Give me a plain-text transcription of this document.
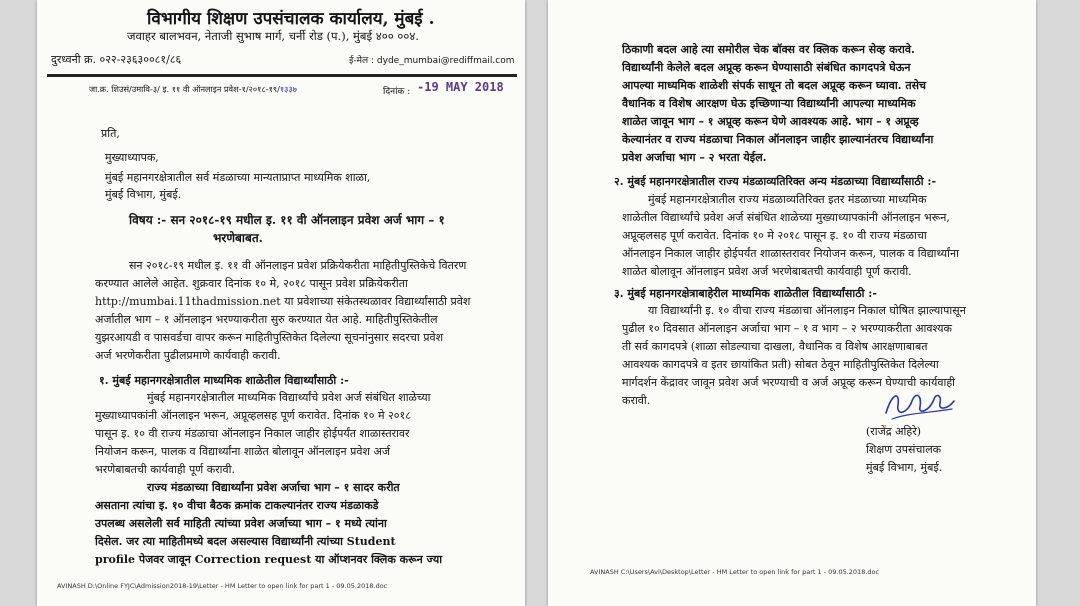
विभागीय शिक्षण उपसंचालक कार्यालय, मुंबई .
जवाहर बालभवन, नेताजी सुभाष मार्ग, चर्नी रोड (प.), मुंबई ४०० ००४.
दुरध्वनी क्र. ०२२-२३६३००८१/८६	ई-मेल : dyde_mumbai@rediffmail.com
जा.क्र. शिउसं/उमावि-३/ इ. ११ वी ऑनलाइन प्रवेश-१/२०१८-१९/१३३७	दिनांक : -19 MAY 2018
प्रति,
मुख्याध्यापक,
मुंबई महानगरक्षेत्रातील सर्व मंडळाच्या मान्यताप्राप्त माध्यमिक शाळा,
मुंबई विभाग, मुंबई.
विषय :- सन २०१८-१९ मधील इ. ११ वी ऑनलाइन प्रवेश अर्ज भाग – १
भरणेबाबत.
सन २०१८-१९ मधील इ. ११ वी ऑनलाइन प्रवेश प्रक्रियेकरीता माहितीपुस्तिकेचे वितरण
करण्यात आलेले आहेत. शुक्रवार दिनांक १० मे, २०१८ पासून प्रवेश प्रक्रियेकरीता
http://mumbai.11thadmission.net या प्रवेशाच्या संकेतस्थळावर विद्यार्थ्यांसाठी प्रवेश
अर्जातील भाग – १ ऑनलाइन भरण्याकरीता सुरु करण्यात येत आहे. माहितीपुस्तिकेतील
युझरआयडी व पासवर्डचा वापर करून माहितीपुस्तिकेत दिलेल्या सूचनांनुसार सदरचा प्रवेश
अर्ज भरणेकरीता पुढीलप्रमाणे कार्यवाही करावी.
१. मुंबई महानगरक्षेत्रातील माध्यमिक शाळेतील विद्यार्थ्यांसाठी :-
मुंबई महानगरक्षेत्रातील माध्यमिक विद्यार्थ्यांचे प्रवेश अर्ज संबंधित शाळेच्या
मुख्याध्यापकांनी ऑनलाइन भरून, अप्रूव्हलसह पूर्ण करावेत. दिनांक १० मे २०१८
पासून इ. १० वी राज्य मंडळाचा ऑनलाइन निकाल जाहीर होईपर्यंत शाळास्तरावर
नियोजन करून, पालक व विद्यार्थ्यांना शाळेत बोलावून ऑनलाइन प्रवेश अर्ज
भरणेबाबतची कार्यवाही पूर्ण करावी.
राज्य मंडळाच्या विद्यार्थ्यांना प्रवेश अर्जाचा भाग – १ सादर करीत
असताना त्यांचा इ. १० वीचा बैठक क्रमांक टाकल्यानंतर राज्य मंडळाकडे
उपलब्ध असलेली सर्व माहिती त्यांच्या प्रवेश अर्जाच्या भाग – १ मध्ये त्यांना
दिसेल. जर त्या माहितीमध्ये बदल असल्यास विद्यार्थ्यांनी त्यांच्या Student
profile पेजवर जावून Correction request या ऑप्शनवर क्लिक करून ज्या
AVINASH D:\Online FYJC\Admission2018-19\Letter - HM Letter to open link for part 1 - 09.05.2018.doc
ठिकाणी बदल आहे त्या समोरील चेक बॉक्स वर क्लिक करून सेव्ह करावे.
विद्यार्थ्यांनी केलेले बदल अप्रूव्ह करून घेण्यासाठी संबंधित कागदपत्रे घेऊन
आपल्या माध्यमिक शाळेशी संपर्क साधून तो बदल अप्रूव्ह करून घ्यावा. तसेच
वैधानिक व विशेष आरक्षण घेऊ इच्छिणाऱ्या विद्यार्थ्यांनी आपल्या माध्यमिक
शाळेत जावून भाग – १ अप्रूव्ह करून घेणे आवश्यक आहे. भाग – १ अप्रूव्ह
केल्यानंतर व राज्य मंडळाचा निकाल ऑनलाइन जाहीर झाल्यानंतरच विद्यार्थ्यांना
प्रवेश अर्जाचा भाग – २ भरता येईल.
२. मुंबई महानगरक्षेत्रातील राज्य मंडळाव्यतिरिक्त अन्य मंडळाच्या विद्यार्थ्यांसाठी :-
मुंबई महानगरक्षेत्रातील राज्य मंडळाव्यतिरिक्त इतर मंडळाच्या माध्यमिक
शाळेतील विद्यार्थ्यांचे प्रवेश अर्ज संबंधित शाळेच्या मुख्याध्यापकांनी ऑनलाइन भरून,
अप्रूव्हलसह पूर्ण करावेत. दिनांक १० मे २०१८ पासून इ. १० वी राज्य मंडळाचा
ऑनलाइन निकाल जाहीर होईपर्यंत शाळास्तरावर नियोजन करून, पालक व विद्यार्थ्यांना
शाळेत बोलावून ऑनलाइन प्रवेश अर्ज भरणेबाबतची कार्यवाही पूर्ण करावी.
३. मुंबई महानगरक्षेत्राबाहेरील माध्यमिक शाळेतील विद्यार्थ्यांसाठी :-
या विद्यार्थ्यांनी इ. १० वीचा राज्य मंडळाचा ऑनलाइन निकाल घोषित झाल्यापासून
पुढील १० दिवसात ऑनलाइन अर्जाचा भाग – १ व भाग – २ भरण्याकरीता आवश्यक
ती सर्व कागदपत्रे (शाळा सोडल्याचा दाखला, वैधानिक व विशेष आरक्षणाबाबत
आवश्यक कागदपत्रे व इतर छायांकित प्रती) सोबत ठेवून माहितीपुस्तिकेत दिलेल्या
मार्गदर्शन केंद्रावर जावून प्रवेश अर्ज भरण्याची व अर्ज अप्रूव्ह करून घेण्याची कार्यवाही
करावी.
(राजेंद्र अहिरे)
शिक्षण उपसंचालक
मुंबई विभाग, मुंबई.
AVINASH C:\Users\Avi\Desktop\Letter - HM Letter to open link for part 1 - 09.05.2018.doc
